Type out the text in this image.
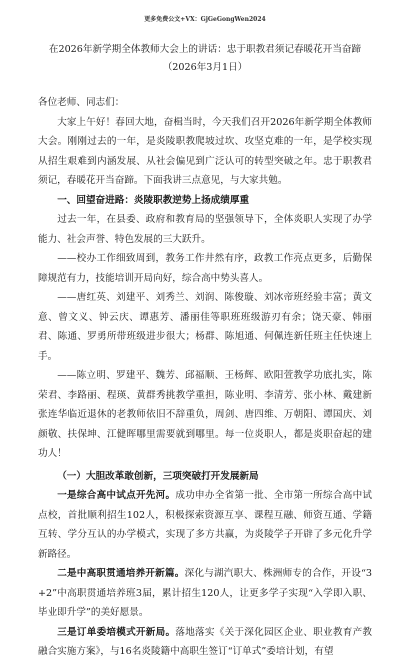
更多免费公文+VX：GjGeGongWen2024
在2026年新学期全体教师大会上的讲话：忠于职教君须记春暖花开当奋蹄
（2026年3月1日）

各位老师、同志们：

大家上午好！春回大地，奋楫当时，今天我们召开2026年新学期全体教师大会。刚刚过去的一年，是炎陵职教爬坡过坎、攻坚克难的一年，是学校实现从招生艰难到内涵发展、从社会偏见到广泛认可的转型突破之年。忠于职教君须记，春暖花开当奋蹄。下面我讲三点意见，与大家共勉。

一、回望奋进路：炎陵职教逆势上扬成绩厚重

过去一年，在县委、政府和教育局的坚强领导下，全体炎职人实现了办学能力、社会声誉、特色发展的三大跃升。

——校办工作细致周到，教务工作井然有序，政教工作亮点更多，后勤保障规范有力，技能培训开局向好，综合高中势头喜人。

——唐红英、刘建平、刘秀兰、刘润、陈俊璇、刘冰帝班经验丰富；黄文意、曾文义、钟云庆、谭惠芳、潘丽佳等职班班级游刃有余；饶天豪、韩丽君、陈通、罗勇所带班级进步很大；杨群、陈旭通、何佩连新任班主任快速上手。

——陈立明、罗建平、魏芳、邱福顺、王杨辉、欧阳萱教学功底扎实，陈荣君、李路丽、程瑛、黄群秀挑教学重担，陈业明、李清芳、张小林、戴建新张连华临近退休的老教师依旧不辞重负，周剑、唐四维、万朝阳、谭国庆、刘颜敬、扶保坤、江健晖哪里需要就到哪里。每一位炎职人，都是炎职奋起的建功人！

（一）大胆改革敢创新，三项突破打开发展新局

一是综合高中试点开先河。成功申办全省第一批、全市第一所综合高中试点校，首批顺利招生102人，积极探索资源互享、课程互融、师资互通、学籍互转、学分互认的办学模式，实现了多方共赢，为炎陵学子开辟了多元化升学新路径。

二是中高职贯通培养开新篇。深化与湖汽职大、株洲师专的合作，开设“3+2”中高职贯通培养班3届，累计招生120人，让更多学子实现“入学即入职、毕业即升学”的美好愿景。

三是订单委培模式开新局。落地落实《关于深化园区企业、职业教育产教融合实施方案》，与16名炎陵籍中高职生签订“订单式”委培计划，有望
